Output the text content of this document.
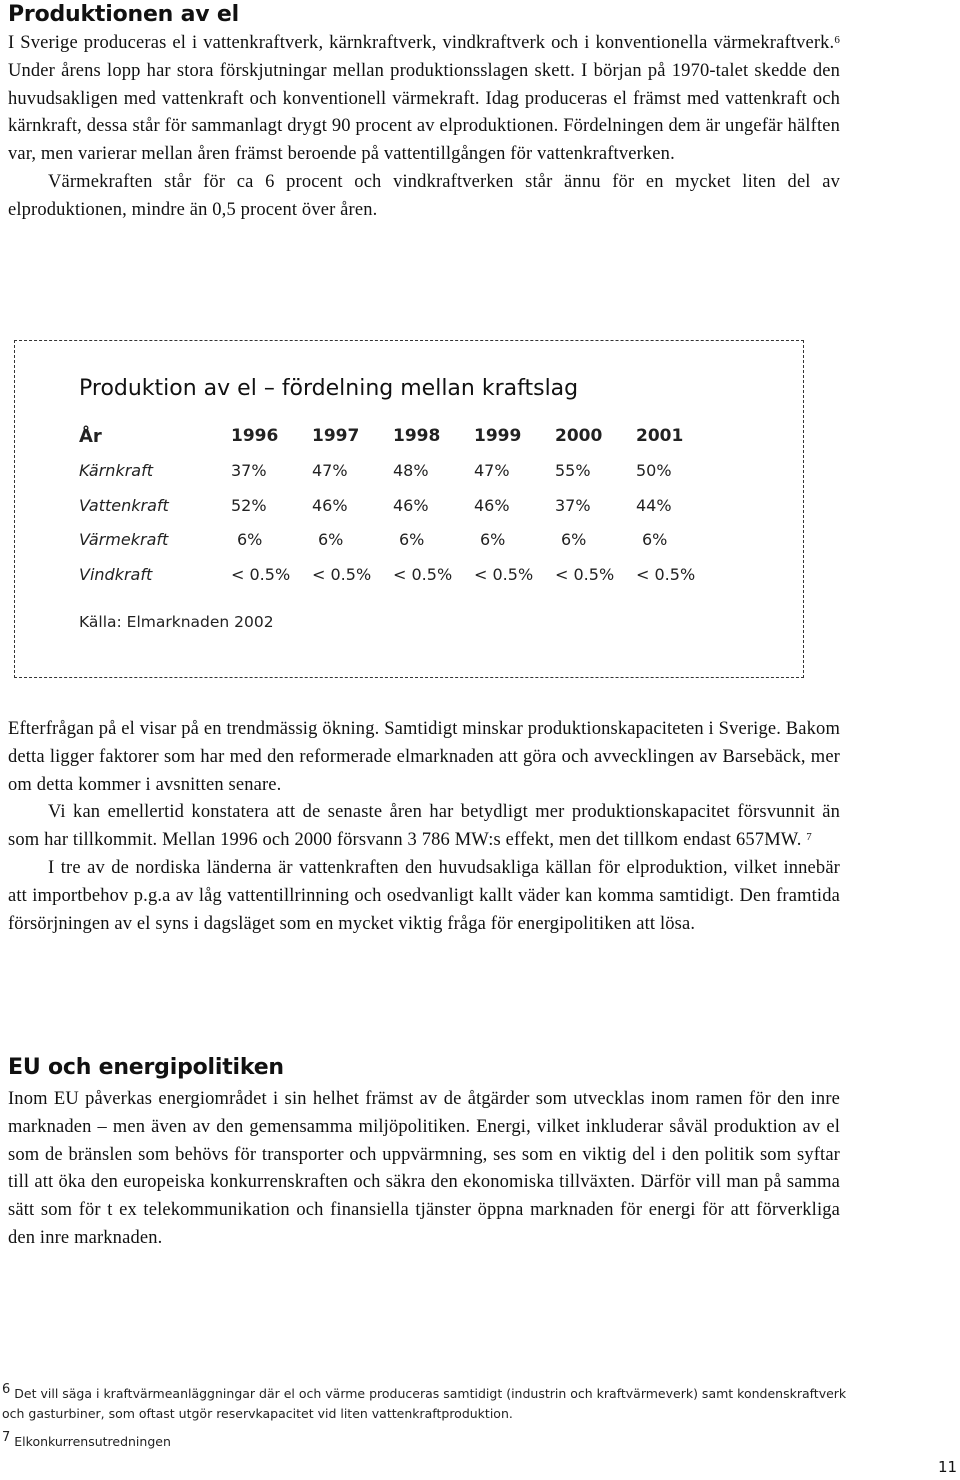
Produktionen av el

I Sverige produceras el i vattenkraftverk, kärnkraftverk, vindkraftverk och i konventionella värmekraftverk.$^6$ Under årens lopp har stora förskjutningar mellan produktionsslagen skett. I början på 1970-talet skedde den huvudsakligen med vattenkraft och konventionell värmekraft. Idag produceras el främst med vattenkraft och kärnkraft, dessa står för sammanlagt drygt 90 procent av elproduktionen. Fördelningen dem är ungefär hälften var, men varierar mellan åren främst beroende på vattentillgången för vattenkraftverken.

Värmekraften står för ca 6 procent och vindkraftverken står ännu för en mycket liten del av elproduktionen, mindre än 0,5 procent över åren.

Produktion av el – fördelning mellan kraftslag
År	1996	1997	1998	1999	2000	2001
Kärnkraft	37%	47%	48%	47%	55%	50%
Vattenkraft	52%	46%	46%	46%	37%	44%
Värmekraft	6%	6%	6%	6%	6%	6%
Vindkraft	< 0.5%	< 0.5%	< 0.5%	< 0.5%	< 0.5%	< 0.5%
Källa: Elmarknaden 2002

Efterfrågan på el visar på en trendmässig ökning. Samtidigt minskar produktionskapaciteten i Sverige. Bakom detta ligger faktorer som har med den reformerade elmarknaden att göra och avvecklingen av Barsebäck, mer om detta kommer i avsnitten senare.

Vi kan emellertid konstatera att de senaste åren har betydligt mer produktionskapacitet försvunnit än som har tillkommit. Mellan 1996 och 2000 försvann 3 786 MW:s effekt, men det tillkom endast 657MW. $^7$

I tre av de nordiska länderna är vattenkraften den huvudsakliga källan för elproduktion, vilket innebär att importbehov p.g.a av låg vattentillrinning och osedvanligt kallt väder kan komma samtidigt. Den framtida försörjningen av el syns i dagsläget som en mycket viktig fråga för energipolitiken att lösa.

EU och energipolitiken

Inom EU påverkas energiområdet i sin helhet främst av de åtgärder som utvecklas inom ramen för den inre marknaden – men även av den gemensamma miljöpolitiken. Energi, vilket inkluderar såväl produktion av el som de bränslen som behövs för transporter och uppvärmning, ses som en viktig del i den politik som syftar till att öka den europeiska konkurrenskraften och säkra den ekonomiska tillväxten. Därför vill man på samma sätt som för t ex telekommunikation och finansiella tjänster öppna marknaden för energi för att förverkliga den inre marknaden.

6 Det vill säga i kraftvärmeanläggningar där el och värme produceras samtidigt (industrin och kraftvärmeverk) samt kondenskraftverk och gasturbiner, som oftast utgör reservkapacitet vid liten vattenkraftproduktion.
7 Elkonkurrensutredningen
11
